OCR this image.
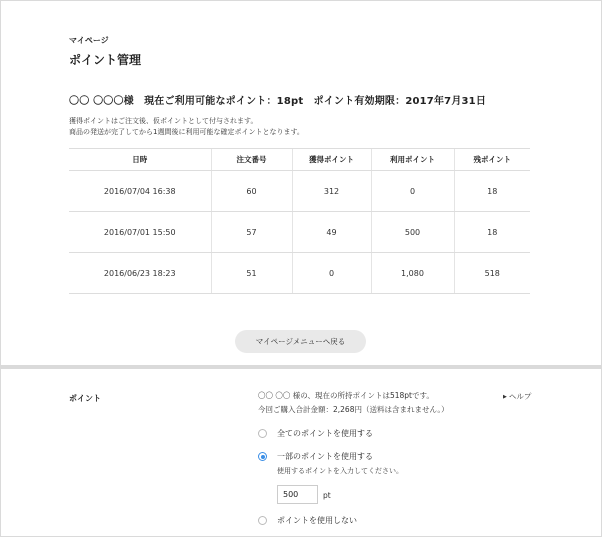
マイページ
ポイント管理
〇〇 〇〇〇様　現在ご利用可能なポイント：18pt　ポイント有効期限：2017年7月31日
獲得ポイントはご注文後、仮ポイントとして付与されます。
商品の発送が完了してから1週間後に利用可能な確定ポイントとなります。
日時	注文番号	獲得ポイント	利用ポイント	残ポイント
2016/07/04 16:38	60	312	0	18
2016/07/01 15:50	57	49	500	18
2016/06/23 18:23	51	0	1,080	518
マイページメニューへ戻る
ポイント	〇〇 〇〇 様の、現在の所持ポイントは518ptです。
今回ご購入合計金額：2,268円（送料は含まれません。）
▶ ヘルプ
全てのポイントを使用する
一部のポイントを使用する
使用するポイントを入力してください。
500
pt
ポイントを使用しない
